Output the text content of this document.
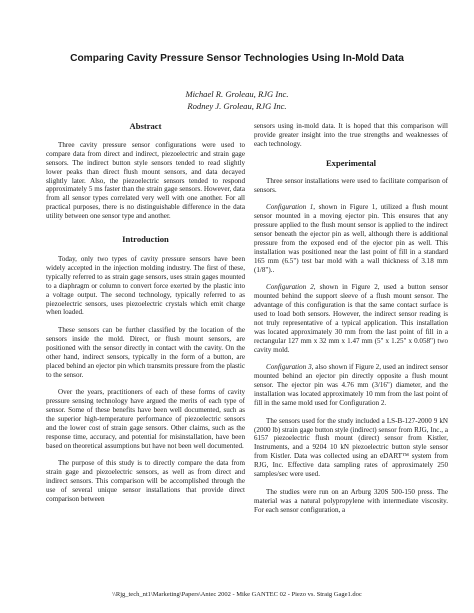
Comparing Cavity Pressure Sensor Technologies Using In-Mold Data
Michael R. Groleau, RJG Inc.
Rodney J. Groleau, RJG Inc.
Abstract

Three cavity pressure sensor configurations were used to compare data from direct and indirect, piezoelectric and strain gage sensors. The indirect button style sensors tended to read slightly lower peaks than direct flush mount sensors, and data decayed slightly later. Also, the piezoelectric sensors tended to respond approximately 5 ms faster than the strain gage sensors. However, data from all sensor types correlated very well with one another. For all practical purposes, there is no distinguishable difference in the data utility between one sensor type and another.

Introduction

Today, only two types of cavity pressure sensors have been widely accepted in the injection molding industry. The first of these, typically referred to as strain gage sensors, uses strain gages mounted to a diaphragm or column to convert force exerted by the plastic into a voltage output. The second technology, typically referred to as piezoelectric sensors, uses piezoelectric crystals which emit charge when loaded.

These sensors can be further classified by the location of the sensors inside the mold. Direct, or flush mount sensors, are positioned with the sensor directly in contact with the cavity. On the other hand, indirect sensors, typically in the form of a button, are placed behind an ejector pin which transmits pressure from the plastic to the sensor.

Over the years, practitioners of each of these forms of cavity pressure sensing technology have argued the merits of each type of sensor. Some of these benefits have been well documented, such as the superior high-temperature performance of piezoelectric sensors and the lower cost of strain gage sensors. Other claims, such as the response time, accuracy, and potential for misinstallation, have been based on theoretical assumptions but have not been well documented.

The purpose of this study is to directly compare the data from strain gage and piezoelectric sensors, as well as from direct and indirect sensors. This comparison will be accomplished through the use of several unique sensor installations that provide direct comparison between

sensors using in-mold data. It is hoped that this comparison will provide greater insight into the true strengths and weaknesses of each technology.

Experimental

Three sensor installations were used to facilitate comparison of sensors.

Configuration 1, shown in Figure 1, utilized a flush mount sensor mounted in a moving ejector pin. This ensures that any pressure applied to the flush mount sensor is applied to the indirect sensor beneath the ejector pin as well, although there is additional pressure from the exposed end of the ejector pin as well. This installation was positioned near the last point of fill in a standard 165 mm (6.5") test bar mold with a wall thickness of 3.18 mm (1/8")..

Configuration 2, shown in Figure 2, used a button sensor mounted behind the support sleeve of a flush mount sensor. The advantage of this configuration is that the same contact surface is used to load both sensors. However, the indirect sensor reading is not truly representative of a typical application. This installation was located approximately 30 mm from the last point of fill in a rectangular 127 mm x 32 mm x 1.47 mm (5" x 1.25" x 0.058") two cavity mold.

Configuration 3, also shown if Figure 2, used an indirect sensor mounted behind an ejector pin directly opposite a flush mount sensor. The ejector pin was 4.76 mm (3/16") diameter, and the installation was located approximately 10 mm from the last point of fill in the same mold used for Configuration 2.

The sensors used for the study included a LS-B-127-2000 9 kN (2000 lb) strain gage button style (indirect) sensor from RJG, Inc., a 6157 piezoelectric flush mount (direct) sensor from Kistler, Instruments, and a 9204 10 kN piezoelectric button style sensor from Kistler. Data was collected using an eDART™ system from RJG, Inc. Effective data sampling rates of approximately 250 samples/sec were used.

The studies were run on an Arburg 320S 500-150 press. The material was a natural polypropylene with intermediate viscosity. For each sensor configuration, a

\\Rjg_tech_nt1\Marketing\Papers\Antec 2002 - Mike GANTEC 02 - Piezo vs. Straig Gage1.doc
